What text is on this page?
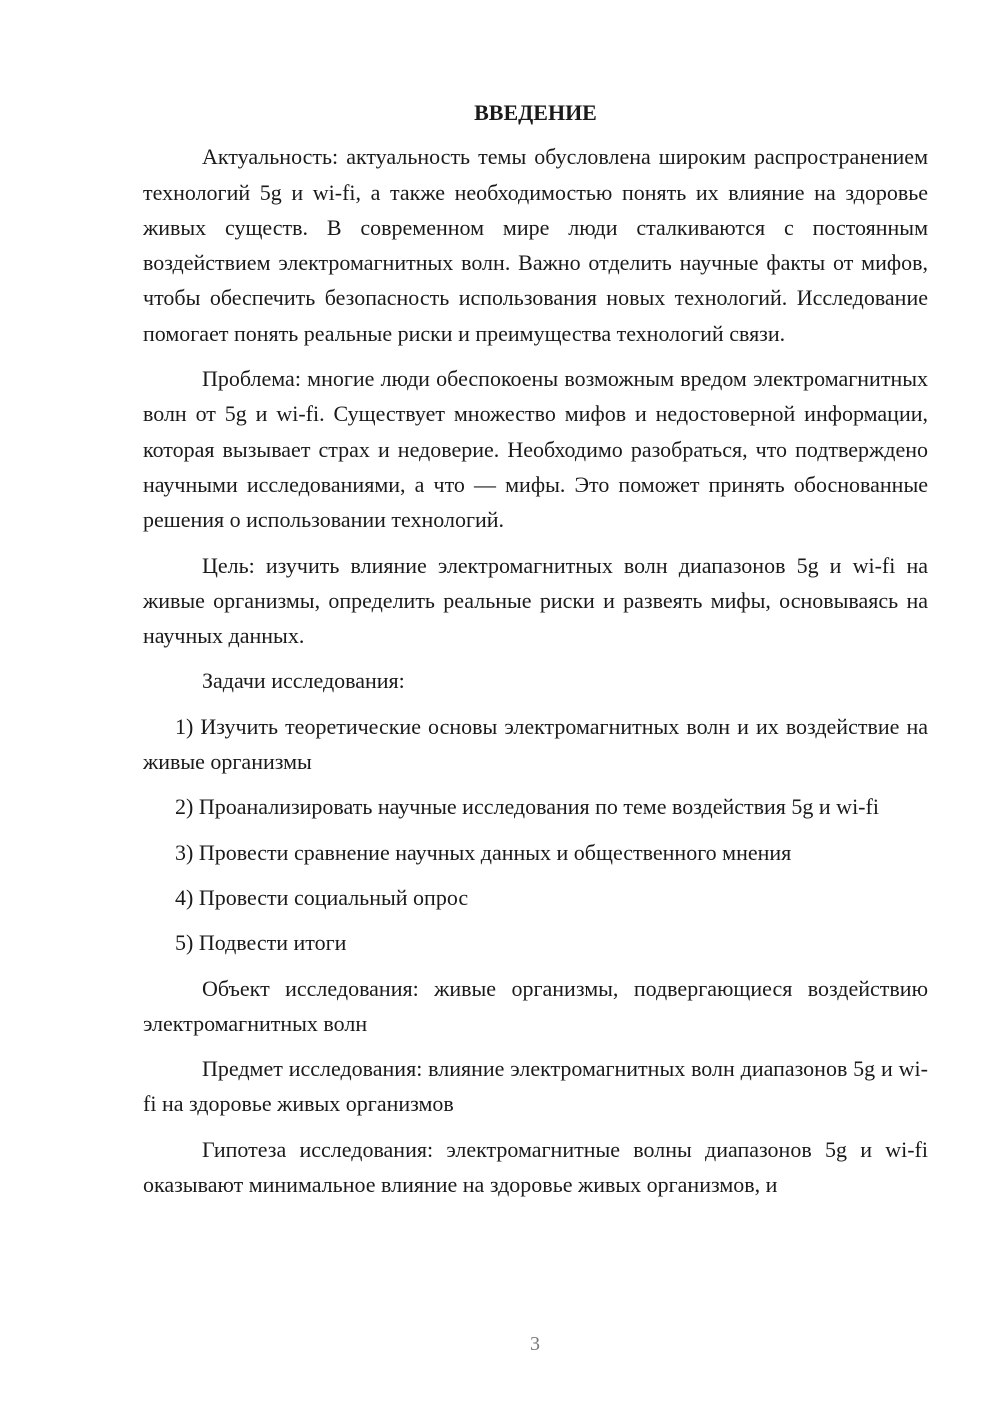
ВВЕДЕНИЕ

Актуальность: актуальность темы обусловлена широким распространением технологий 5g и wi-fi, а также необходимостью понять их влияние на здоровье живых существ. В современном мире люди сталкиваются с постоянным воздействием электромагнитных волн. Важно отделить научные факты от мифов, чтобы обеспечить безопасность использования новых технологий. Исследование помогает понять реальные риски и преимущества технологий связи.

Проблема: многие люди обеспокоены возможным вредом электромагнитных волн от 5g и wi-fi. Существует множество мифов и недостоверной информации, которая вызывает страх и недоверие. Необходимо разобраться, что подтверждено научными исследованиями, а что — мифы. Это поможет принять обоснованные решения о использовании технологий.

Цель: изучить влияние электромагнитных волн диапазонов 5g и wi-fi на живые организмы, определить реальные риски и развеять мифы, основываясь на научных данных.

Задачи исследования:

1) Изучить теоретические основы электромагнитных волн и их воздействие на живые организмы

2) Проанализировать научные исследования по теме воздействия 5g и wi-fi

3) Провести сравнение научных данных и общественного мнения

4) Провести социальный опрос

5) Подвести итоги

Объект исследования: живые организмы, подвергающиеся воздействию электромагнитных волн

Предмет исследования: влияние электромагнитных волн диапазонов 5g и wi-fi на здоровье живых организмов

Гипотеза исследования: электромагнитные волны диапазонов 5g и wi-fi оказывают минимальное влияние на здоровье живых организмов, и

3
